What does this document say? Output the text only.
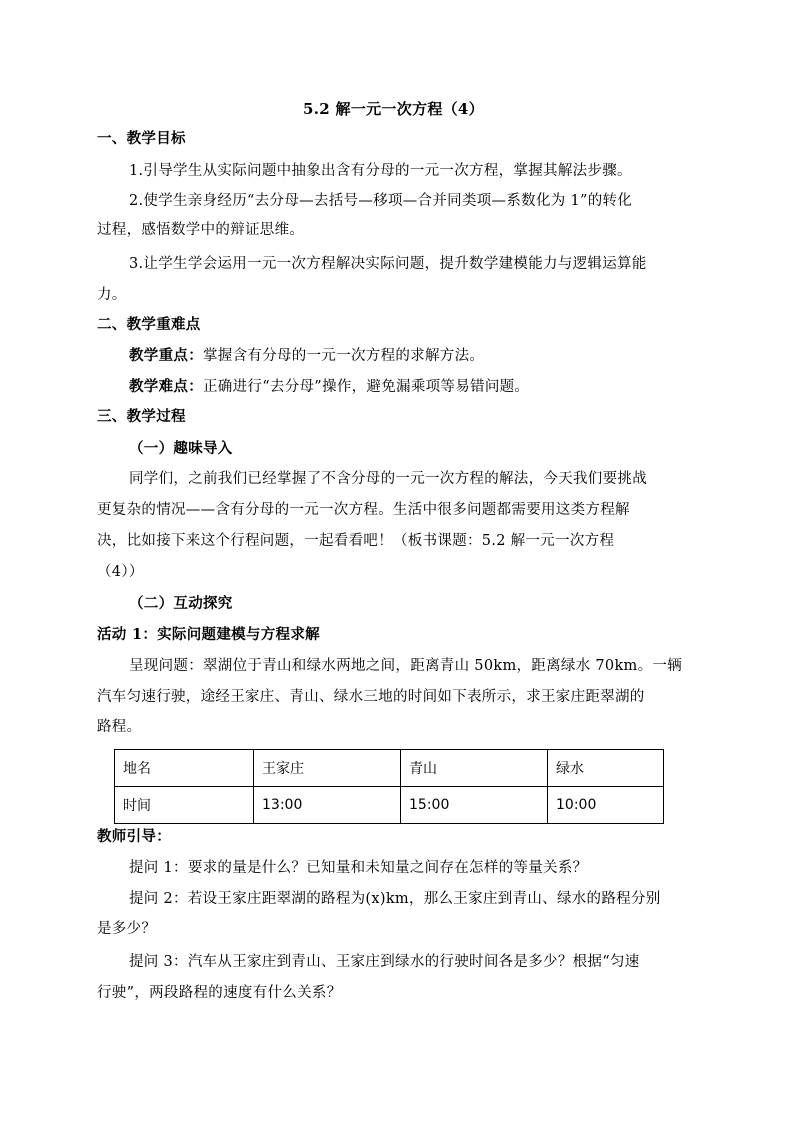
5.2 解一元一次方程（4）
一、教学目标
1.引导学生从实际问题中抽象出含有分母的一元一次方程，掌握其解法步骤。
2.使学生亲身经历“去分母—去括号—移项—合并同类项—系数化为 1”的转化
过程，感悟数学中的辩证思维。
3.让学生学会运用一元一次方程解决实际问题，提升数学建模能力与逻辑运算能
力。
二、教学重难点
教学重点：掌握含有分母的一元一次方程的求解方法。
教学难点：正确进行“去分母”操作，避免漏乘项等易错问题。
三、教学过程
（一）趣味导入
同学们，之前我们已经掌握了不含分母的一元一次方程的解法，今天我们要挑战
更复杂的情况——含有分母的一元一次方程。生活中很多问题都需要用这类方程解
决，比如接下来这个行程问题，一起看看吧！（板书课题：5.2 解一元一次方程
（4））
（二）互动探究
活动 1：实际问题建模与方程求解
呈现问题：翠湖位于青山和绿水两地之间，距离青山 50km，距离绿水 70km。一辆
汽车匀速行驶，途经王家庄、青山、绿水三地的时间如下表所示，求王家庄距翠湖的
路程。
地名	王家庄	青山	绿水
时间	13:00	15:00	10:00
教师引导：
提问 1：要求的量是什么？已知量和未知量之间存在怎样的等量关系？
提问 2：若设王家庄距翠湖的路程为(x)km，那么王家庄到青山、绿水的路程分别
是多少？
提问 3：汽车从王家庄到青山、王家庄到绿水的行驶时间各是多少？根据“匀速
行驶”，两段路程的速度有什么关系？
